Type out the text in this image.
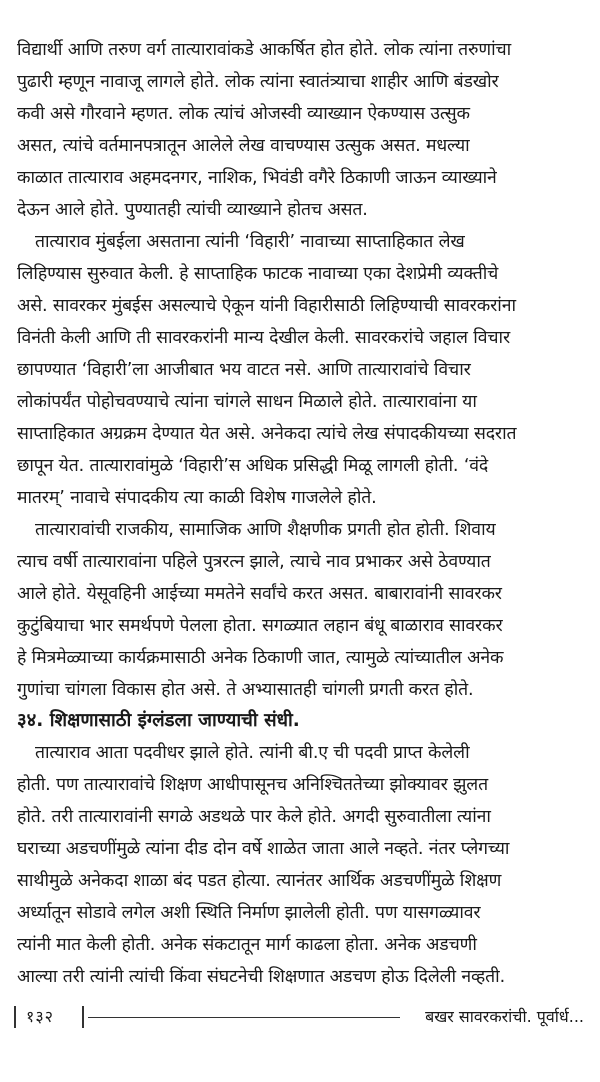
विद्यार्थी आणि तरुण वर्ग तात्यारावांकडे आकर्षित होत होते. लोक त्यांना तरुणांचा
पुढारी म्हणून नावाजू लागले होते. लोक त्यांना स्वातंत्र्याचा शाहीर आणि बंडखोर
कवी असे गौरवाने म्हणत. लोक त्यांचं ओजस्वी व्याख्यान ऐकण्यास उत्सुक
असत, त्यांचे वर्तमानपत्रातून आलेले लेख वाचण्यास उत्सुक असत. मधल्या
काळात तात्याराव अहमदनगर, नाशिक, भिवंडी वगैरे ठिकाणी जाऊन व्याख्याने
देऊन आले होते. पुण्यातही त्यांची व्याख्याने होतच असत.
तात्याराव मुंबईला असताना त्यांनी ‘विहारी’ नावाच्या साप्ताहिकात लेख
लिहिण्यास सुरुवात केली. हे साप्ताहिक फाटक नावाच्या एका देशप्रेमी व्यक्तीचे
असे. सावरकर मुंबईस असल्याचे ऐकून यांनी विहारीसाठी लिहिण्याची सावरकरांना
विनंती केली आणि ती सावरकरांनी मान्य देखील केली. सावरकरांचे जहाल विचार
छापण्यात ‘विहारी’ला आजीबात भय वाटत नसे. आणि तात्यारावांचे विचार
लोकांपर्यंत पोहोचवण्याचे त्यांना चांगले साधन मिळाले होते. तात्यारावांना या
साप्ताहिकात अग्रक्रम देण्यात येत असे. अनेकदा त्यांचे लेख संपादकीयच्या सदरात
छापून येत. तात्यारावांमुळे ‘विहारी’स अधिक प्रसिद्धी मिळू लागली होती. ‘वंदे
मातरम्’ नावाचे संपादकीय त्या काळी विशेष गाजलेले होते.
तात्यारावांची राजकीय, सामाजिक आणि शैक्षणीक प्रगती होत होती. शिवाय
त्याच वर्षी तात्यारावांना पहिले पुत्ररत्न झाले, त्याचे नाव प्रभाकर असे ठेवण्यात
आले होते. येसूवहिनी आईच्या ममतेने सर्वांचे करत असत. बाबारावांनी सावरकर
कुटुंबियाचा भार समर्थपणे पेलला होता. सगळ्यात लहान बंधू बाळाराव सावरकर
हे मित्रमेळ्याच्या कार्यक्रमासाठी अनेक ठिकाणी जात, त्यामुळे त्यांच्यातील अनेक
गुणांचा चांगला विकास होत असे. ते अभ्यासातही चांगली प्रगती करत होते.
३४. शिक्षणासाठी इंग्लंडला जाण्याची संधी.
तात्याराव आता पदवीधर झाले होते. त्यांनी बी.ए ची पदवी प्राप्त केलेली
होती. पण तात्यारावांचे शिक्षण आधीपासूनच अनिश्चिततेच्या झोक्यावर झुलत
होते. तरी तात्यारावांनी सगळे अडथळे पार केले होते. अगदी सुरुवातीला त्यांना
घराच्या अडचणींमुळे त्यांना दीड दोन वर्षे शाळेत जाता आले नव्हते. नंतर प्लेगच्या
साथीमुळे अनेकदा शाळा बंद पडत होत्या. त्यानंतर आर्थिक अडचणींमुळे शिक्षण
अर्ध्यातून सोडावे लगेल अशी स्थिति निर्माण झालेली होती. पण यासगळ्यावर
त्यांनी मात केली होती. अनेक संकटातून मार्ग काढला होता. अनेक अडचणी
आल्या तरी त्यांनी त्यांची किंवा संघटनेची शिक्षणात अडचण होऊ दिलेली नव्हती.
१३२	बखर सावरकरांची. पूर्वार्ध...
